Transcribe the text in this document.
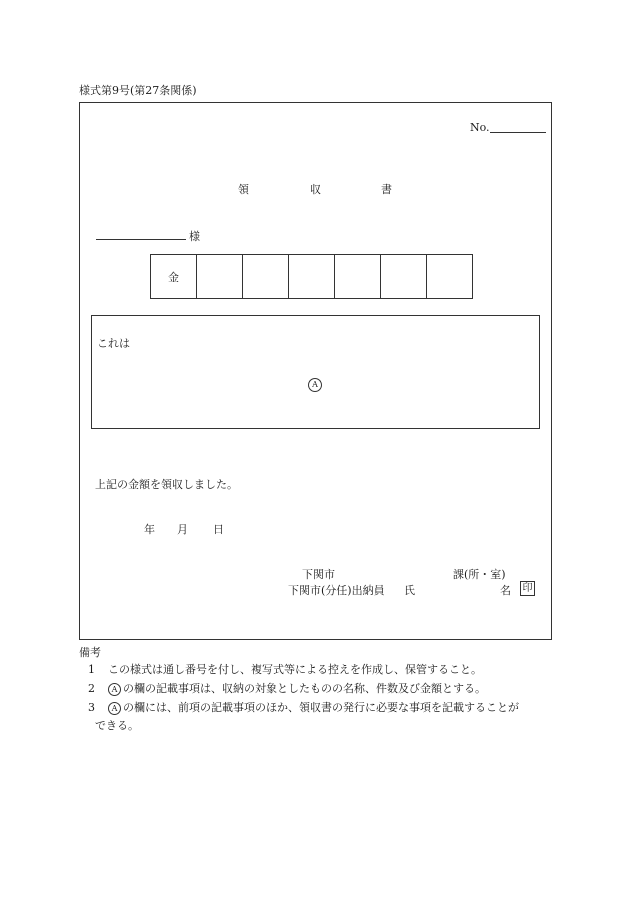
様式第9号(第27条関係)
No.
領	収	書
様
金						
これは
A
上記の金額を領収しました。
年 月 日
下関市	課(所・室)
下関市(分任)出納員 氏	名 印
備考
1 この様式は通し番号を付し、複写式等による控えを作成し、保管すること。
2 A の欄の記載事項は、収納の対象としたものの名称、件数及び金額とする。
3 A の欄には、前項の記載事項のほか、領収書の発行に必要な事項を記載することが
できる。
